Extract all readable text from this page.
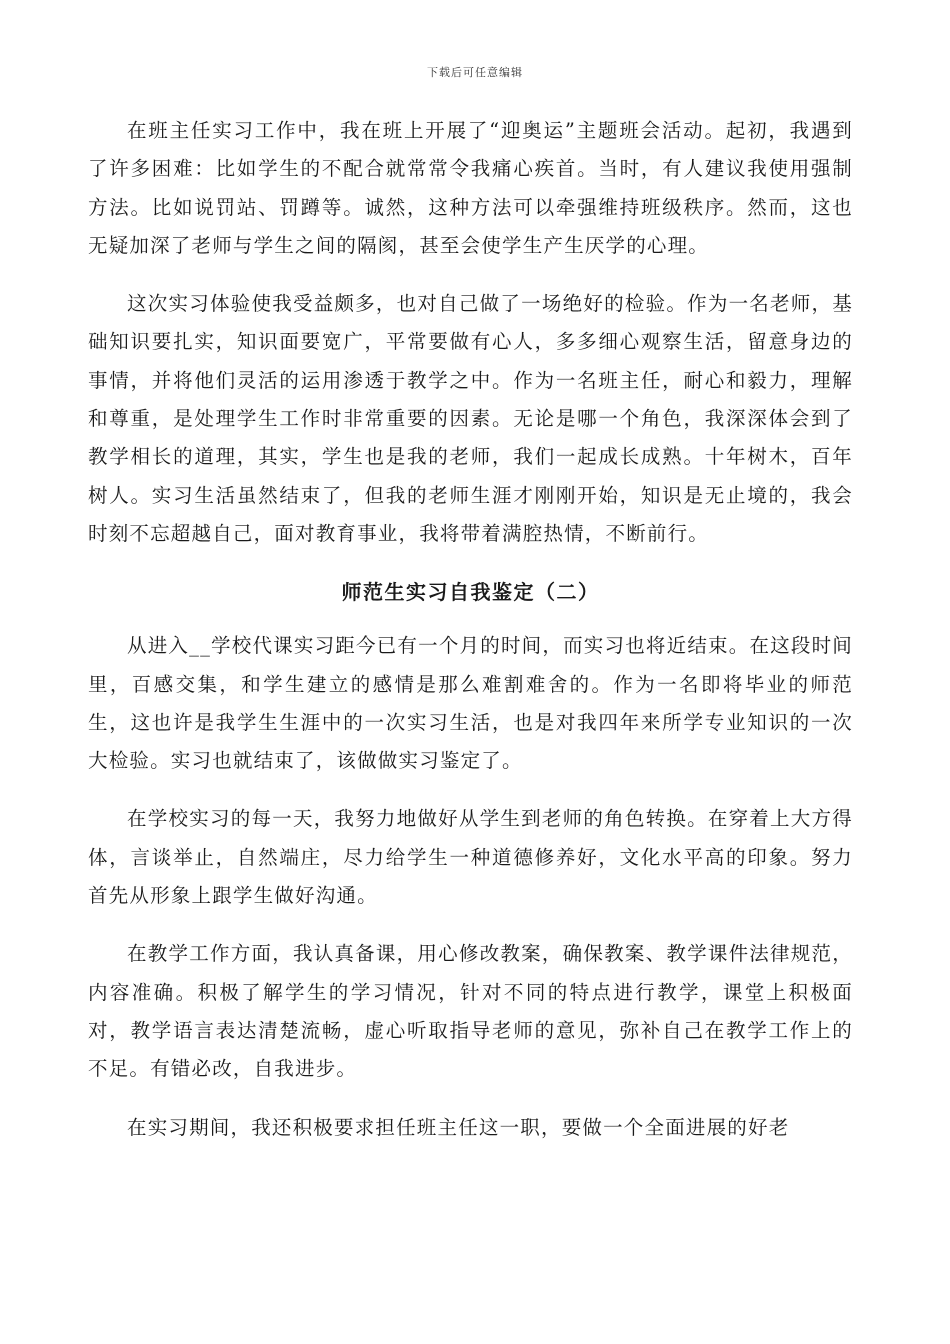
下载后可任意编辑

在班主任实习工作中，我在班上开展了“迎奥运”主题班会活动。起初，我遇到了许多困难：比如学生的不配合就常常令我痛心疾首。当时，有人建议我使用强制方法。比如说罚站、罚蹲等。诚然，这种方法可以牵强维持班级秩序。然而，这也无疑加深了老师与学生之间的隔阂，甚至会使学生产生厌学的心理。

这次实习体验使我受益颇多，也对自己做了一场绝好的检验。作为一名老师，基础知识要扎实，知识面要宽广，平常要做有心人，多多细心观察生活，留意身边的事情，并将他们灵活的运用渗透于教学之中。作为一名班主任，耐心和毅力，理解和尊重，是处理学生工作时非常重要的因素。无论是哪一个角色，我深深体会到了教学相长的道理，其实，学生也是我的老师，我们一起成长成熟。十年树木，百年树人。实习生活虽然结束了，但我的老师生涯才刚刚开始，知识是无止境的，我会时刻不忘超越自己，面对教育事业，我将带着满腔热情，不断前行。

师范生实习自我鉴定（二）

从进入__学校代课实习距今已有一个月的时间，而实习也将近结束。在这段时间里，百感交集，和学生建立的感情是那么难割难舍的。作为一名即将毕业的师范生，这也许是我学生生涯中的一次实习生活，也是对我四年来所学专业知识的一次大检验。实习也就结束了，该做做实习鉴定了。

在学校实习的每一天，我努力地做好从学生到老师的角色转换。在穿着上大方得体，言谈举止，自然端庄，尽力给学生一种道德修养好，文化水平高的印象。努力首先从形象上跟学生做好沟通。

在教学工作方面，我认真备课，用心修改教案，确保教案、教学课件法律规范，内容准确。积极了解学生的学习情况，针对不同的特点进行教学，课堂上积极面对，教学语言表达清楚流畅，虚心听取指导老师的意见，弥补自己在教学工作上的不足。有错必改，自我进步。

在实习期间，我还积极要求担任班主任这一职，要做一个全面进展的好老
